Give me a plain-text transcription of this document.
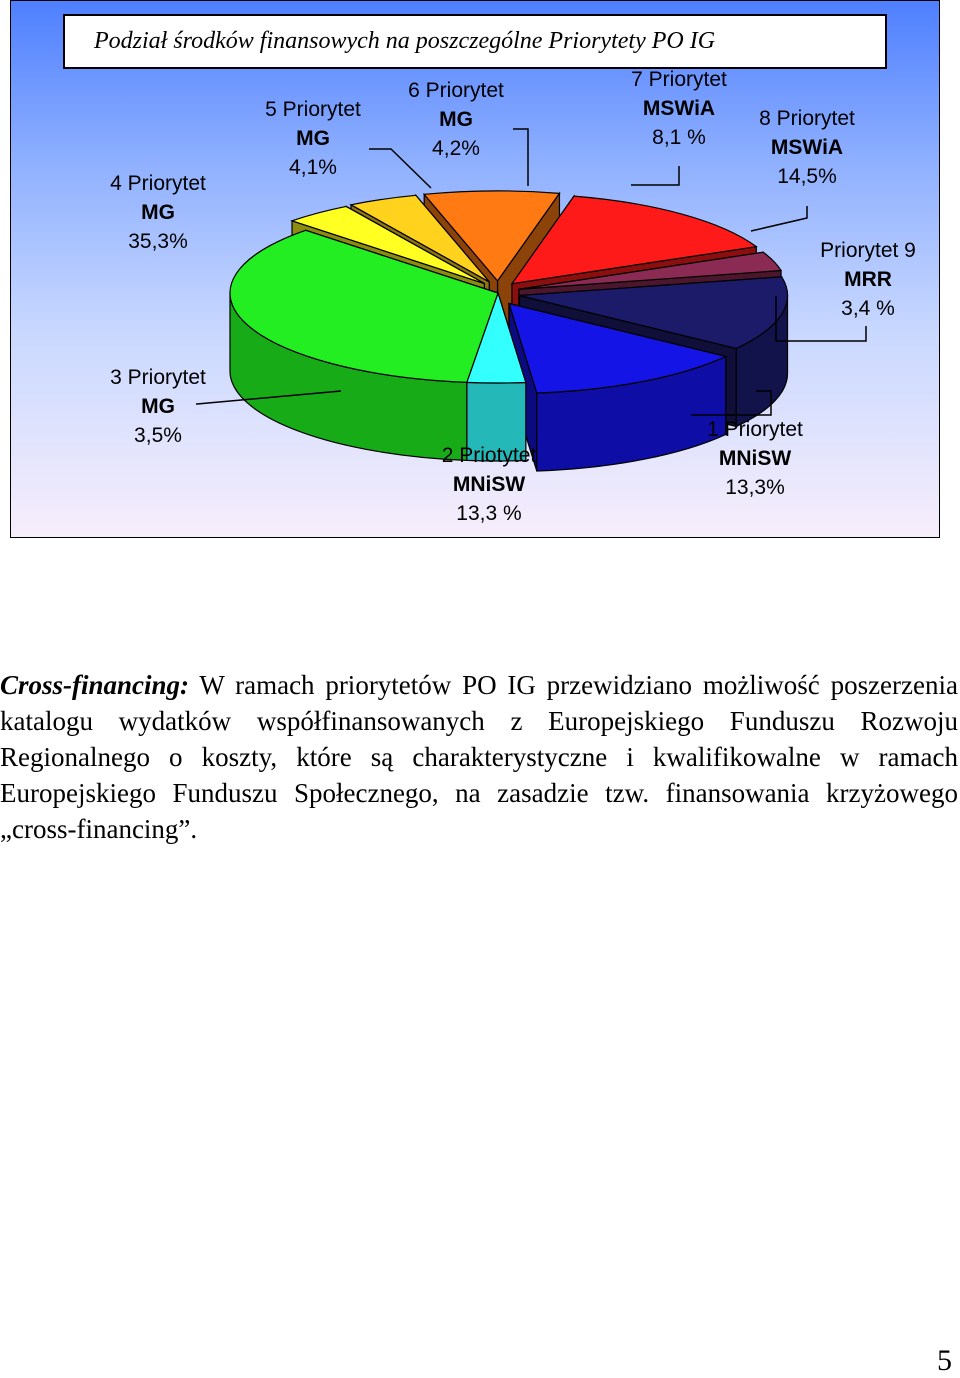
Podział środków finansowych na poszczególne Priorytety PO IG
1 Priorytet
MNiSW
13,3%
2 Priotytet
MNiSW
13,3 %
3 Priorytet
MG
3,5%
4 Priorytet
MG
35,3%
5 Priorytet
MG
4,1%
6 Priorytet
MG
4,2%
7 Priorytet
MSWiA
8,1 %
8 Priorytet
MSWiA
14,5%
Priorytet 9
MRR
3,4 %

Cross-financing: W ramach priorytetów PO IG przewidziano możliwość poszerzenia katalogu wydatków współfinansowanych z Europejskiego Funduszu Rozwoju Regionalnego o koszty, które są charakterystyczne i kwalifikowalne w ramach Europejskiego Funduszu Społecznego, na zasadzie tzw. finansowania krzyżowego „cross-financing”.

5
